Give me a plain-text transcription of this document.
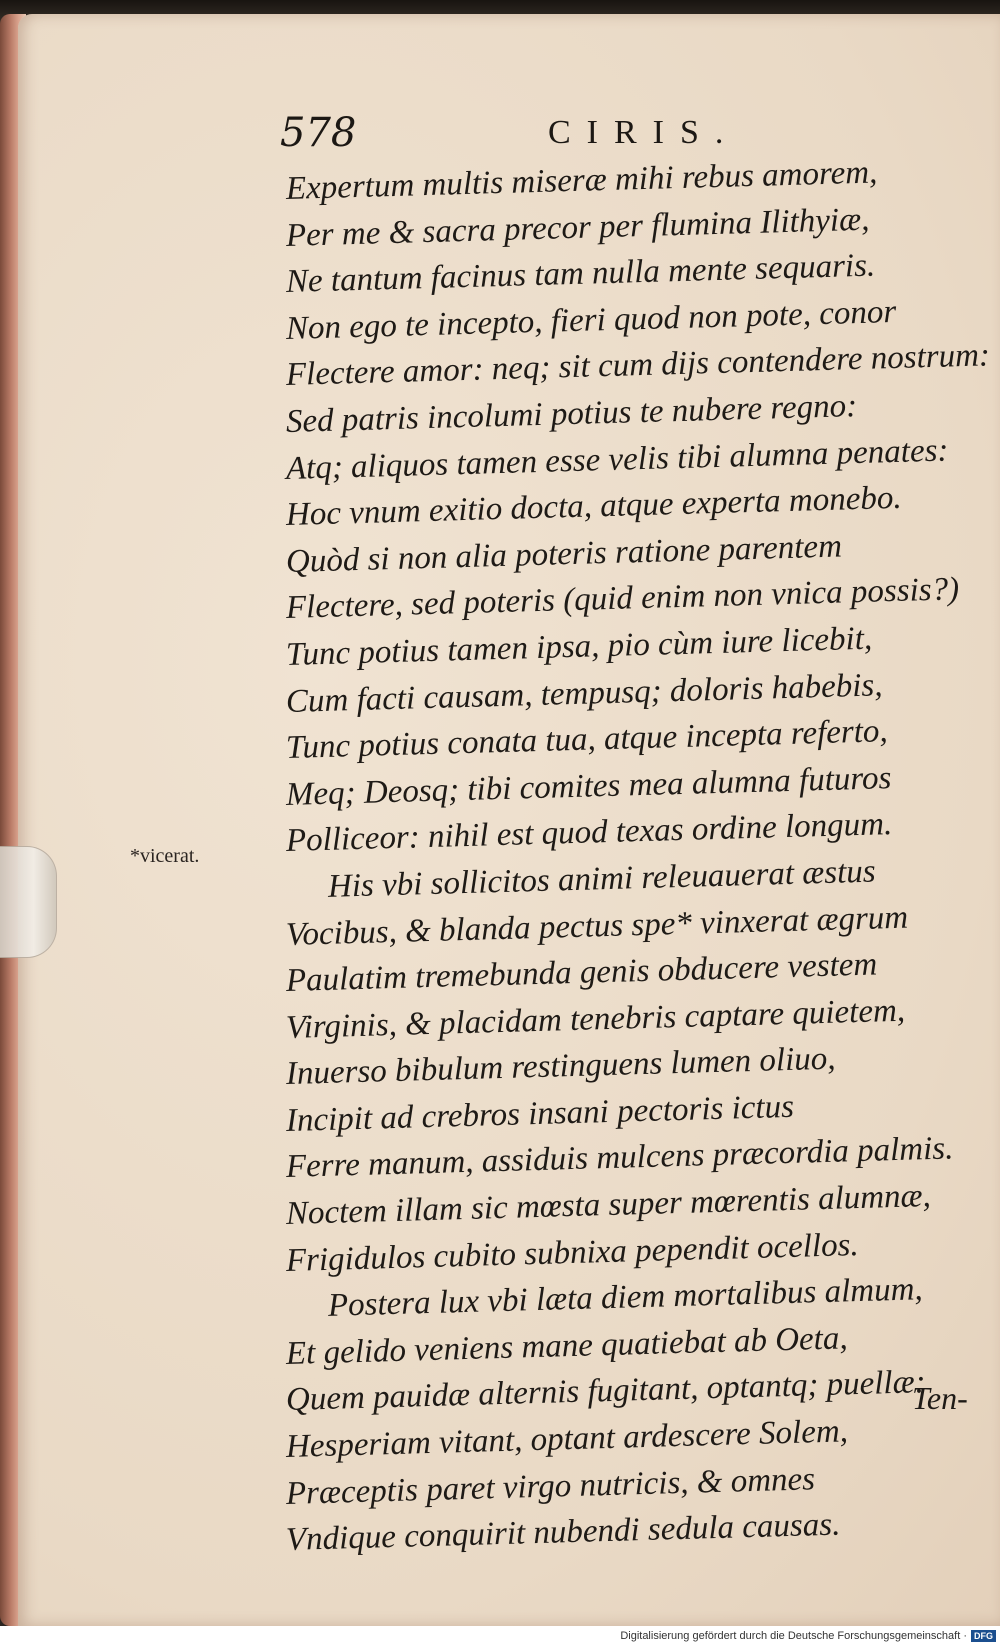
578	CIRIS.
Expertum multis miseræ mihi rebus amorem,
Per me & sacra precor per flumina Ilithyiæ,
Ne tantum facinus tam nulla mente sequaris.
Non ego te incepto, fieri quod non pote, conor
Flectere amor: neq; sit cum dijs contendere nostrum:
Sed patris incolumi potius te nubere regno:
Atq; aliquos tamen esse velis tibi alumna penates:
Hoc vnum exitio docta, atque experta monebo.
Quòd si non alia poteris ratione parentem
Flectere, sed poteris (quid enim non vnica possis?)
Tunc potius tamen ipsa, pio cùm iure licebit,
Cum facti causam, tempusq; doloris habebis,
Tunc potius conata tua, atque incepta referto,
Meq; Deosq; tibi comites mea alumna futuros
Polliceor: nihil est quod texas ordine longum.
His vbi sollicitos animi releuauerat æstus
Vocibus, & blanda pectus spe* vinxerat ægrum
Paulatim tremebunda genis obducere vestem
Virginis, & placidam tenebris captare quietem,
Inuerso bibulum restinguens lumen oliuo,
Incipit ad crebros insani pectoris ictus
Ferre manum, assiduis mulcens præcordia palmis.
Noctem illam sic mœsta super mœrentis alumnæ,
Frigidulos cubito subnixa pependit ocellos.
Postera lux vbi læta diem mortalibus almum,
Et gelido veniens mane quatiebat ab Oeta,
Quem pauidæ alternis fugitant, optantq; puellæ:
Hesperiam vitant, optant ardescere Solem,
Præceptis paret virgo nutricis, & omnes
Vndique conquirit nubendi sedula causas.
*vicerat.
Ten-
Digitalisierung gefördert durch die Deutsche Forschungsgemeinschaft · DFG
